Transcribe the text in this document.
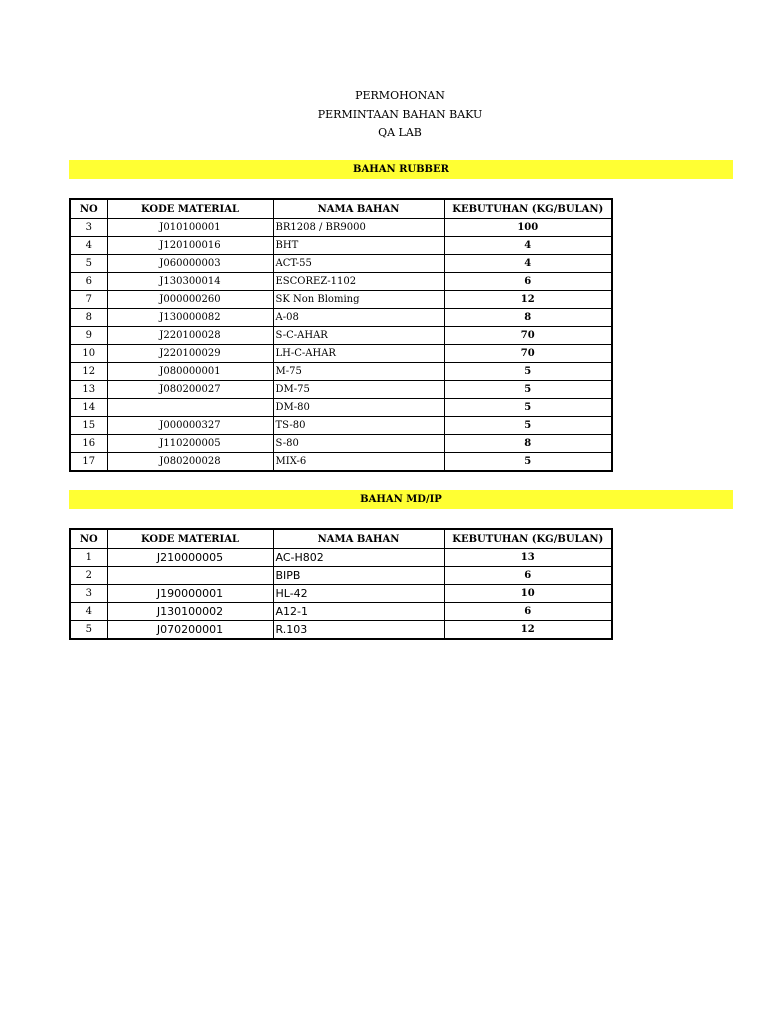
PERMOHONAN
PERMINTAAN BAHAN BAKU
QA LAB
BAHAN RUBBER
NO	KODE MATERIAL	NAMA BAHAN	KEBUTUHAN (KG/BULAN)
3	J010100001	BR1208 / BR9000	100
4	J120100016	BHT	4
5	J060000003	ACT-55	4
6	J130300014	ESCOREZ-1102	6
7	J000000260	SK Non Bloming	12
8	J130000082	A-08	8
9	J220100028	S-C-AHAR	70
10	J220100029	LH-C-AHAR	70
12	J080000001	M-75	5
13	J080200027	DM-75	5
14		DM-80	5
15	J000000327	TS-80	5
16	J110200005	S-80	8
17	J080200028	MIX-6	5
BAHAN MD/IP
NO	KODE MATERIAL	NAMA BAHAN	KEBUTUHAN (KG/BULAN)
1	J210000005	AC-H802	13
2		BIPB	6
3	J190000001	HL-42	10
4	J130100002	A12-1	6
5	J070200001	R.103	12
